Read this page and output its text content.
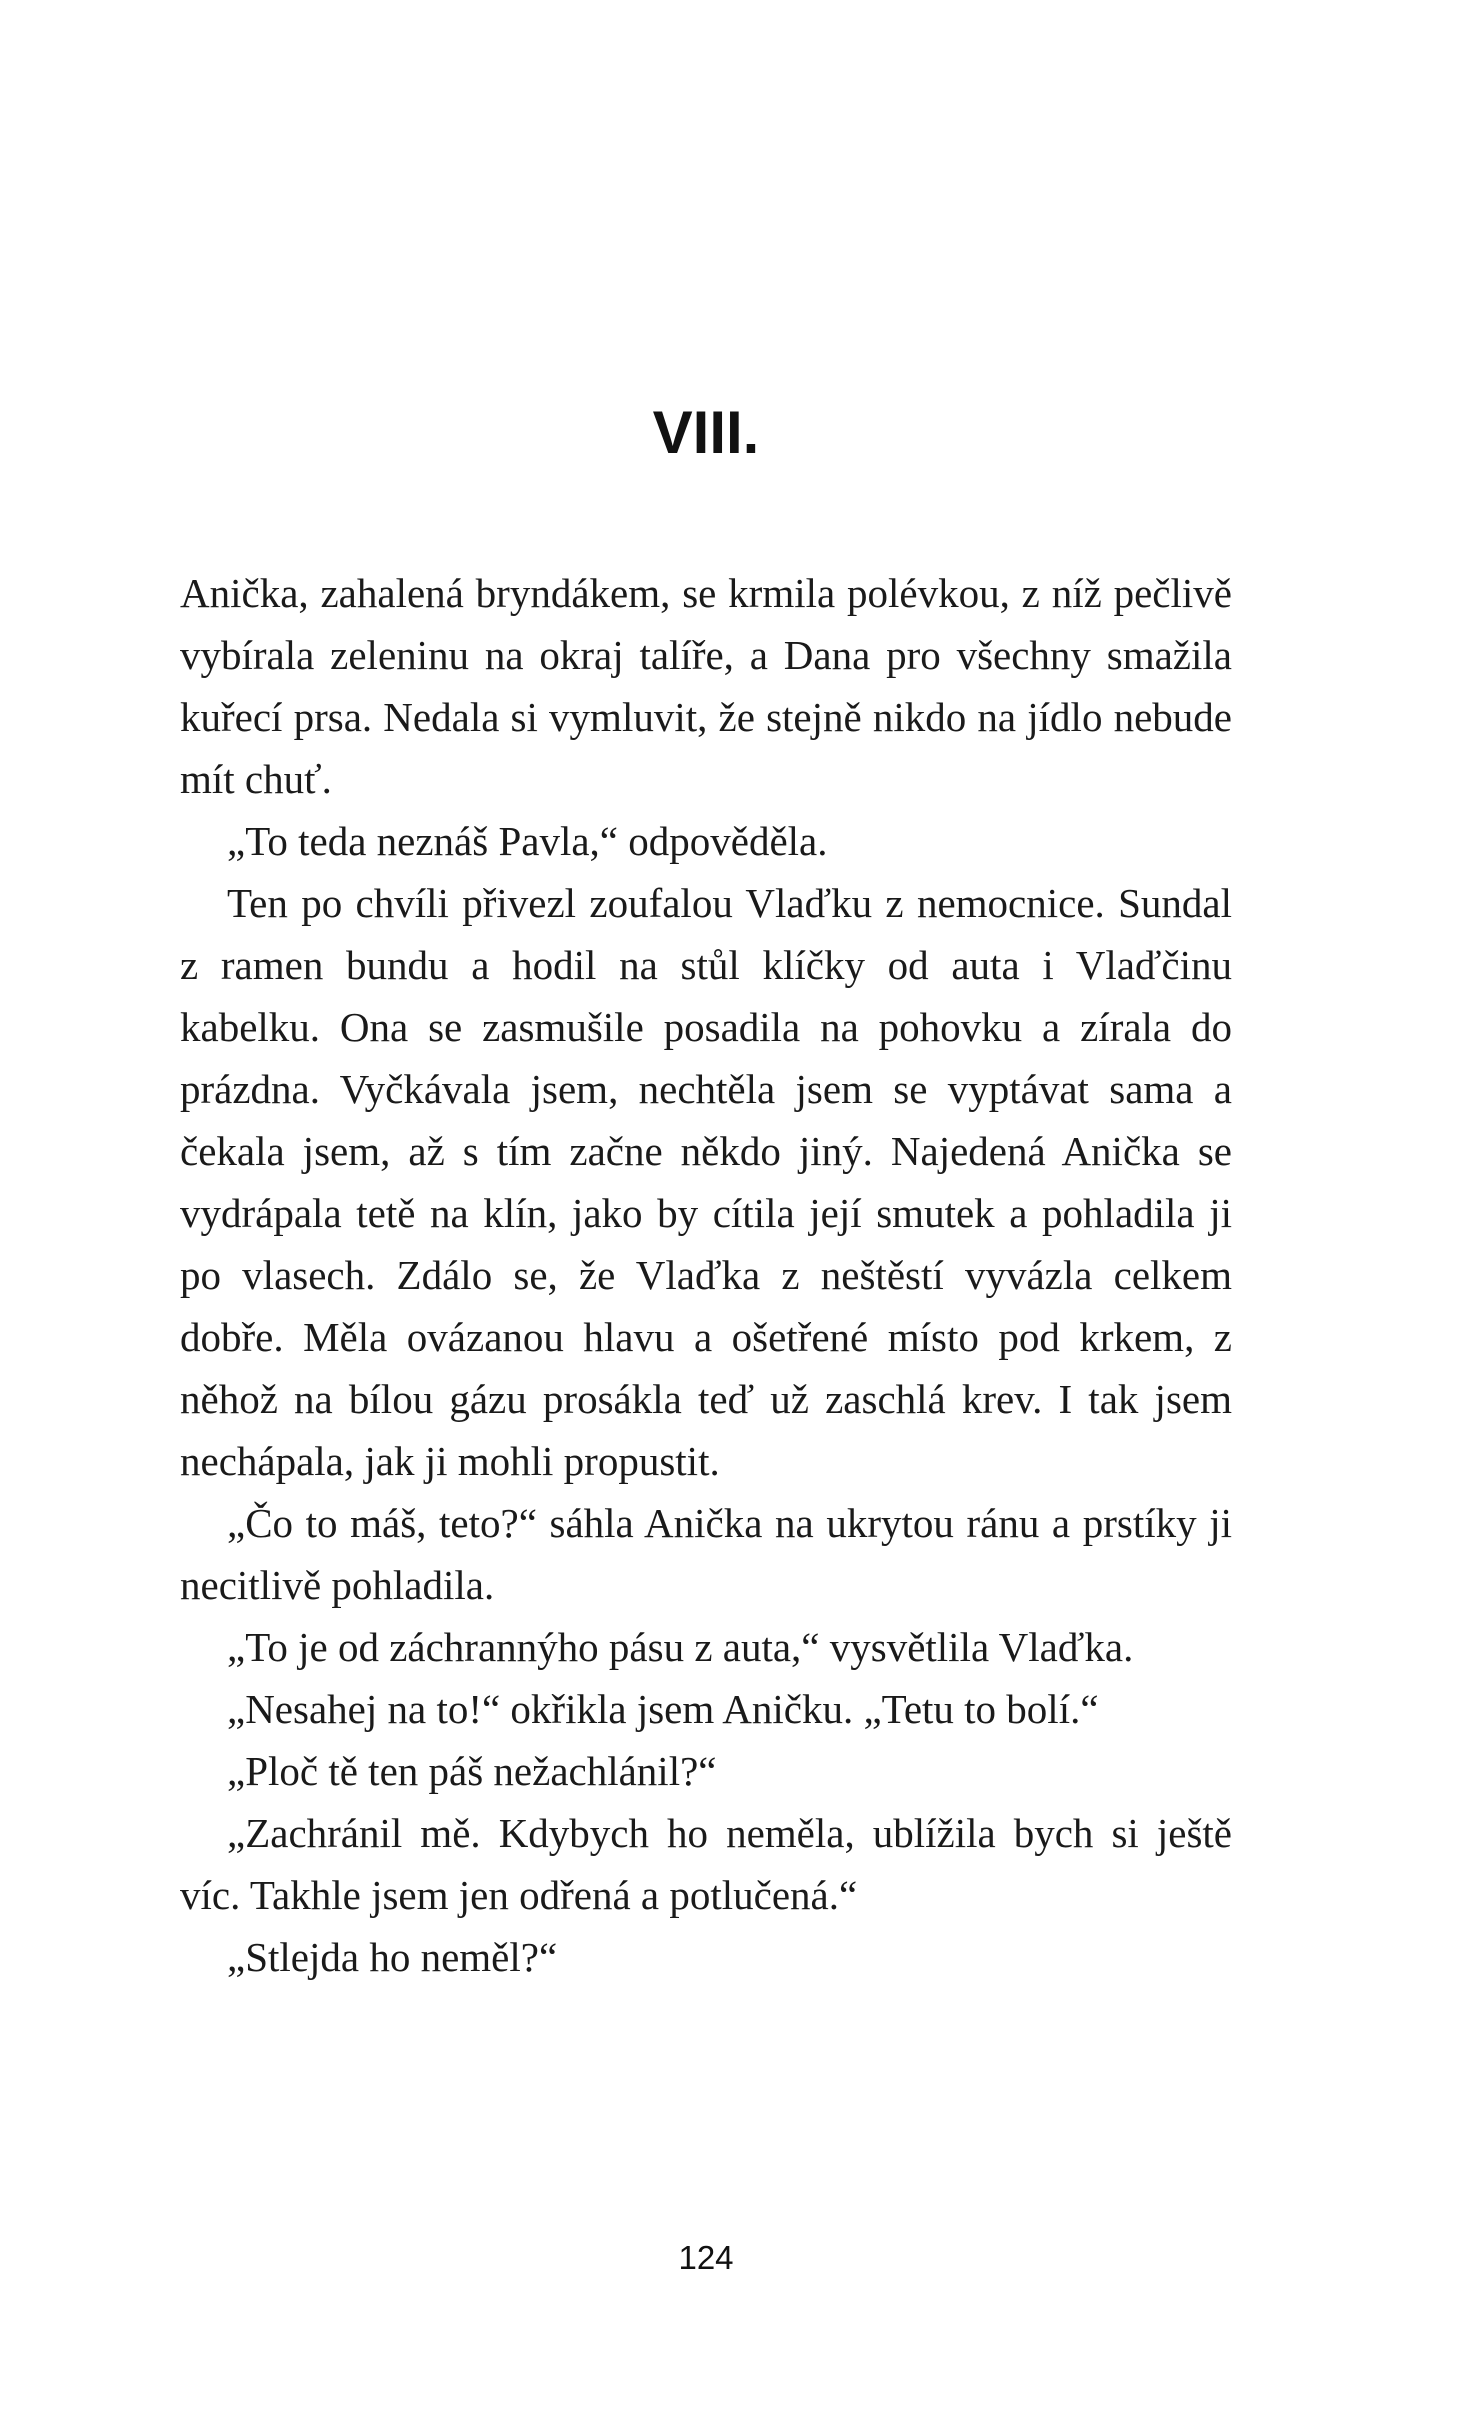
VIII.

Anička, zahalená bryndákem, se krmila polévkou, z níž pečlivě vybírala zeleninu na okraj talíře, a Dana pro všechny smažila kuřecí prsa. Nedala si vymluvit, že stejně nikdo na jídlo nebude mít chuť.

„To teda neznáš Pavla,“ odpověděla.

Ten po chvíli přivezl zoufalou Vlaďku z nemocnice. Sundal z ramen bundu a hodil na stůl klíčky od auta i Vlaďčinu kabelku. Ona se zasmušile posadila na pohovku a zírala do prázdna. Vyčkávala jsem, nechtěla jsem se vyptávat sama a čekala jsem, až s tím začne někdo jiný. Najedená Anička se vydrápala tetě na klín, jako by cítila její smutek a pohladila ji po vlasech. Zdálo se, že Vlaďka z neštěstí vyvázla celkem dobře. Měla ovázanou hlavu a ošetřené místo pod krkem, z něhož na bílou gázu prosákla teď už zaschlá krev. I tak jsem nechápala, jak ji mohli propustit.

„Čo to máš, teto?“ sáhla Anička na ukrytou ránu a prstíky ji necitlivě pohladila.

„To je od záchrannýho pásu z auta,“ vysvětlila Vlaďka.

„Nesahej na to!“ okřikla jsem Aničku. „Tetu to bolí.“

„Ploč tě ten páš nežachlánil?“

„Zachránil mě. Kdybych ho neměla, ublížila bych si ještě víc. Takhle jsem jen odřená a potlučená.“

„Stlejda ho neměl?“

124
